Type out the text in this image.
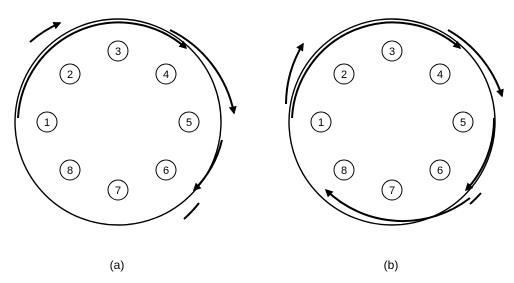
1
2
3
4
5
6
7
8
1
2
3
4
5
6
7
8
(a)	(b)
